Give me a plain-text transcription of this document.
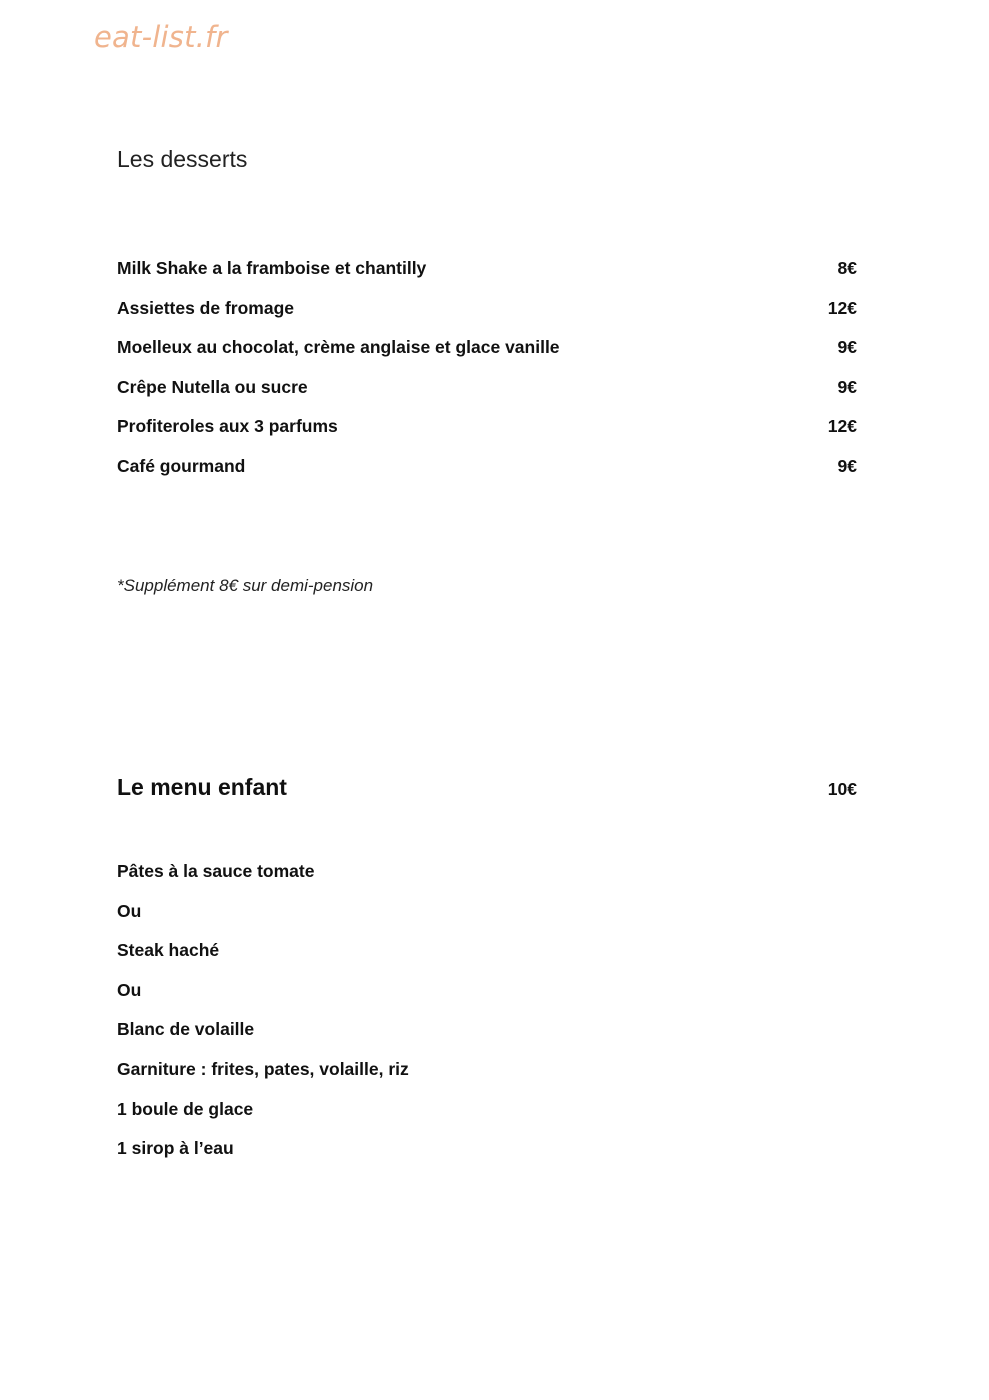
eat-list.fr
Les desserts
Milk Shake a la framboise et chantilly	8€
Assiettes de fromage	12€
Moelleux au chocolat, crème anglaise et glace vanille	9€
Crêpe Nutella ou sucre	9€
Profiteroles aux 3 parfums	12€
Café gourmand	9€
*Supplément 8€ sur demi-pension
Le menu enfant	10€
Pâtes à la sauce tomate
Ou
Steak haché
Ou
Blanc de volaille
Garniture : frites, pates, volaille, riz
1 boule de glace
1 sirop à l’eau
